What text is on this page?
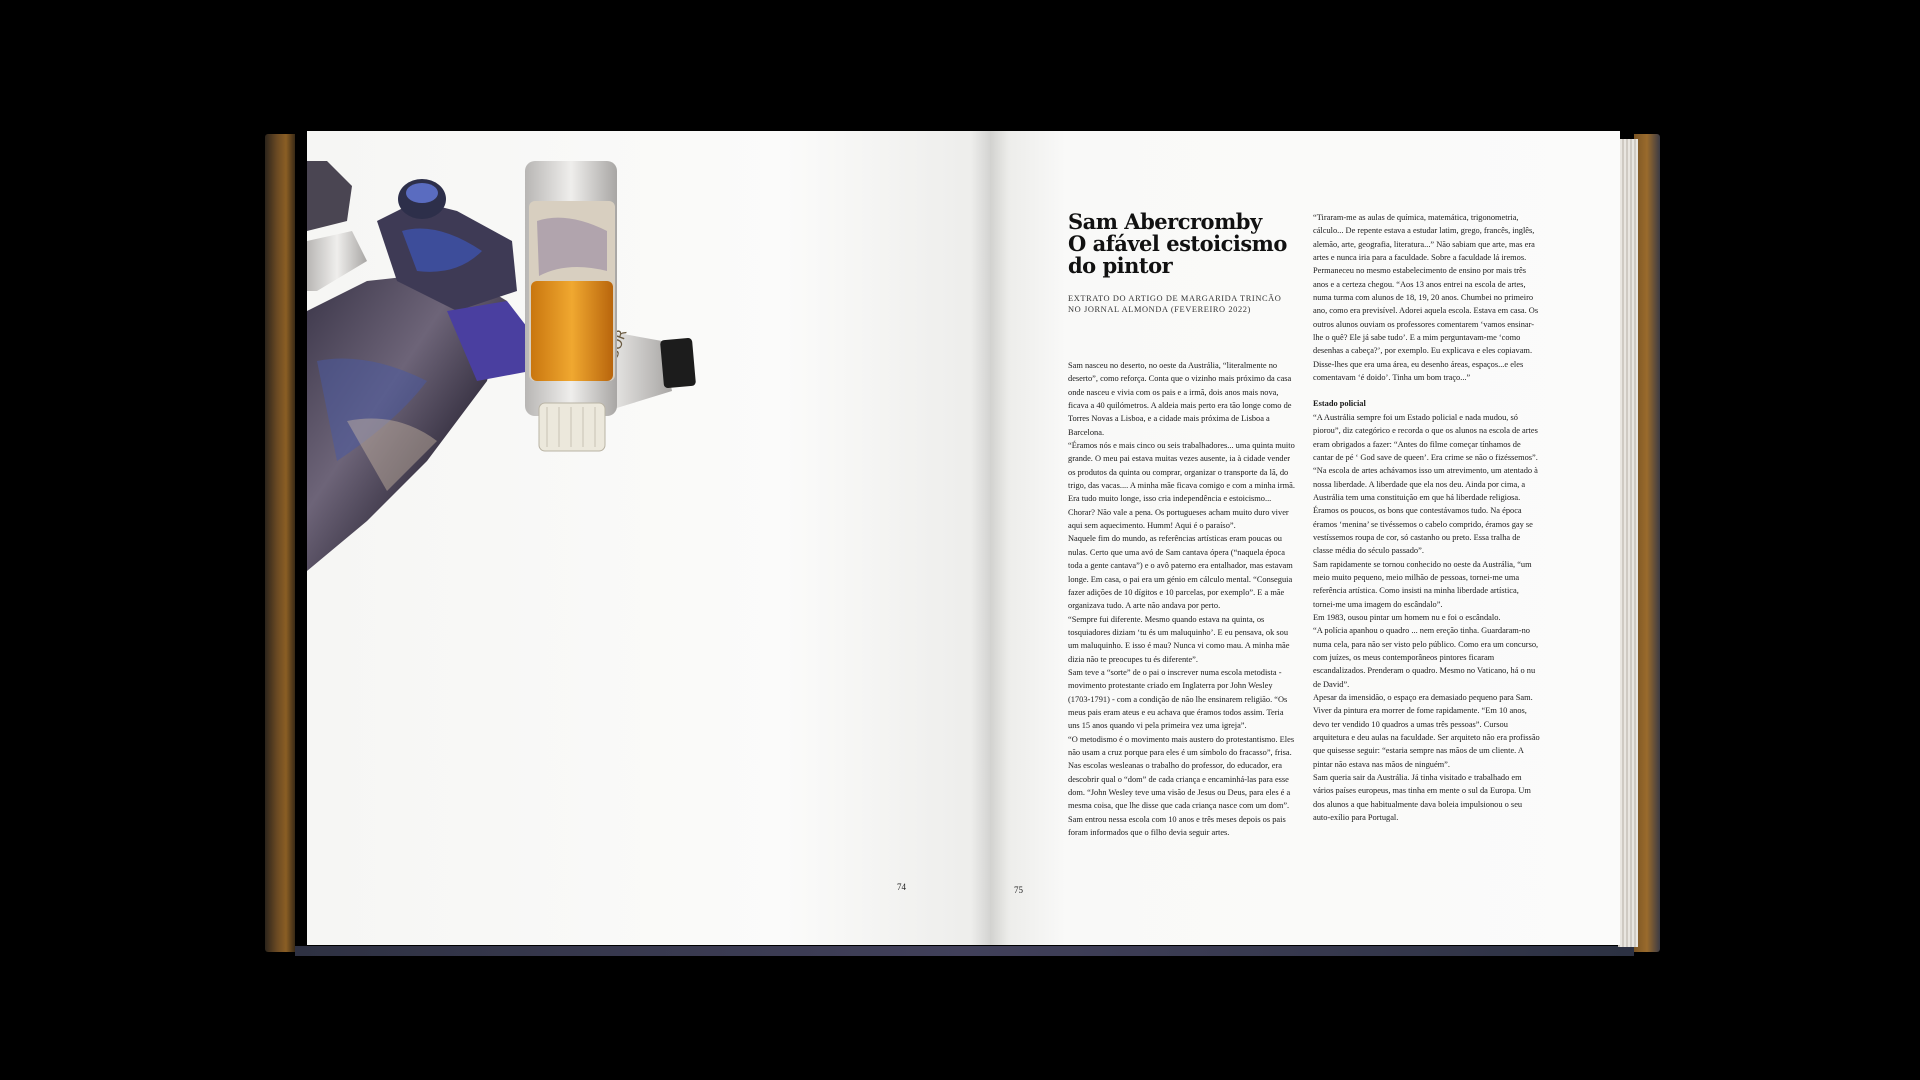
74	75
Sam Abercromby
O afável estoicismo
do pintor
EXTRATO DO ARTIGO DE MARGARIDA TRINCÃO
NO JORNAL ALMONDA (FEVEREIRO 2022)

Sam nasceu no deserto, no oeste da Austrália, “literalmente no deserto”, como reforça. Conta que o vizinho mais próximo da casa onde nasceu e vivia com os pais e a irmã, dois anos mais nova, ficava a 40 quilómetros. A aldeia mais perto era tão longe como de Torres Novas a Lisboa, e a cidade mais próxima de Lisboa a Barcelona.

“Éramos nós e mais cinco ou seis trabalhadores... uma quinta muito grande. O meu pai estava muitas vezes ausente, ia à cidade vender os produtos da quinta ou comprar, organizar o transporte da lã, do trigo, das vacas.... A minha mãe ficava comigo e com a minha irmã. Era tudo muito longe, isso cria independência e estoicismo... Chorar? Não vale a pena. Os portugueses acham muito duro viver aqui sem aquecimento. Humm! Aqui é o paraíso”.

Naquele fim do mundo, as referências artísticas eram poucas ou nulas. Certo que uma avó de Sam cantava ópera (“naquela época toda a gente cantava”) e o avô paterno era entalhador, mas estavam longe. Em casa, o pai era um génio em cálculo mental. “Conseguia fazer adições de 10 dígitos e 10 parcelas, por exemplo”. E a mãe organizava tudo. A arte não andava por perto.

“Sempre fui diferente. Mesmo quando estava na quinta, os tosquiadores diziam ‘tu és um maluquinho’. E eu pensava, ok sou um maluquinho. E isso é mau? Nunca vi como mau. A minha mãe dizia não te preocupes tu és diferente”.

Sam teve a “sorte” de o pai o inscrever numa escola metodista - movimento protestante criado em Inglaterra por John Wesley (1703-1791) - com a condição de não lhe ensinarem religião. “Os meus pais eram ateus e eu achava que éramos todos assim. Teria uns 15 anos quando vi pela primeira vez uma igreja”.

“O metodismo é o movimento mais austero do protestantismo. Eles não usam a cruz porque para eles é um símbolo do fracasso”, frisa. Nas escolas wesleanas o trabalho do professor, do educador, era descobrir qual o “dom” de cada criança e encaminhá-las para esse dom. “John Wesley teve uma visão de Jesus ou Deus, para eles é a mesma coisa, que lhe disse que cada criança nasce com um dom”.

Sam entrou nessa escola com 10 anos e três meses depois os pais foram informados que o filho devia seguir artes.

“Tiraram-me as aulas de química, matemática, trigonometria, cálculo... De repente estava a estudar latim, grego, francês, inglês, alemão, arte, geografia, literatura...” Não sabiam que arte, mas era artes e nunca iria para a faculdade. Sobre a faculdade lá iremos.

Permaneceu no mesmo estabelecimento de ensino por mais três anos e a certeza chegou. “Aos 13 anos entrei na escola de artes, numa turma com alunos de 18, 19, 20 anos. Chumbei no primeiro ano, como era previsível. Adorei aquela escola. Estava em casa. Os outros alunos ouviam os professores comentarem ‘vamos ensinar-lhe o quê? Ele já sabe tudo’. E a mim perguntavam-me ‘como desenhas a cabeça?’, por exemplo. Eu explicava e eles copiavam. Disse-lhes que era uma área, eu desenho áreas, espaços...e eles comentavam ‘é doido’. Tinha um bom traço...”

Estado policial

“A Austrália sempre foi um Estado policial e nada mudou, só piorou”, diz categórico e recorda o que os alunos na escola de artes eram obrigados a fazer: “Antes do filme começar tínhamos de cantar de pé ‘ God save de queen’. Era crime se não o fizéssemos”.

“Na escola de artes achávamos isso um atrevimento, um atentado à nossa liberdade. A liberdade que ela nos deu. Ainda por cima, a Austrália tem uma constituição em que há liberdade religiosa. Éramos os poucos, os bons que contestávamos tudo. Na época éramos ‘menina’ se tivéssemos o cabelo comprido, éramos gay se vestíssemos roupa de cor, só castanho ou preto. Essa tralha de classe média do século passado”.

Sam rapidamente se tornou conhecido no oeste da Austrália, “um meio muito pequeno, meio milhão de pessoas, tornei-me uma referência artística. Como insisti na minha liberdade artística, tornei-me uma imagem do escândalo”.

Em 1983, ousou pintar um homem nu e foi o escândalo.

“A polícia apanhou o quadro ... nem ereção tinha. Guardaram-no numa cela, para não ser visto pelo público. Como era um concurso, com juízes, os meus contemporâneos pintores ficaram escandalizados. Prenderam o quadro. Mesmo no Vaticano, há o nu de David”.

Apesar da imensidão, o espaço era demasiado pequeno para Sam. Viver da pintura era morrer de fome rapidamente. “Em 10 anos, devo ter vendido 10 quadros a umas três pessoas”. Cursou arquitetura e deu aulas na faculdade. Ser arquiteto não era profissão que quisesse seguir: “estaria sempre nas mãos de um cliente. A pintar não estava nas mãos de ninguém”.

Sam queria sair da Austrália. Já tinha visitado e trabalhado em vários países europeus, mas tinha em mente o sul da Europa. Um dos alunos a que habitualmente dava boleia impulsionou o seu auto-exílio para Portugal.
